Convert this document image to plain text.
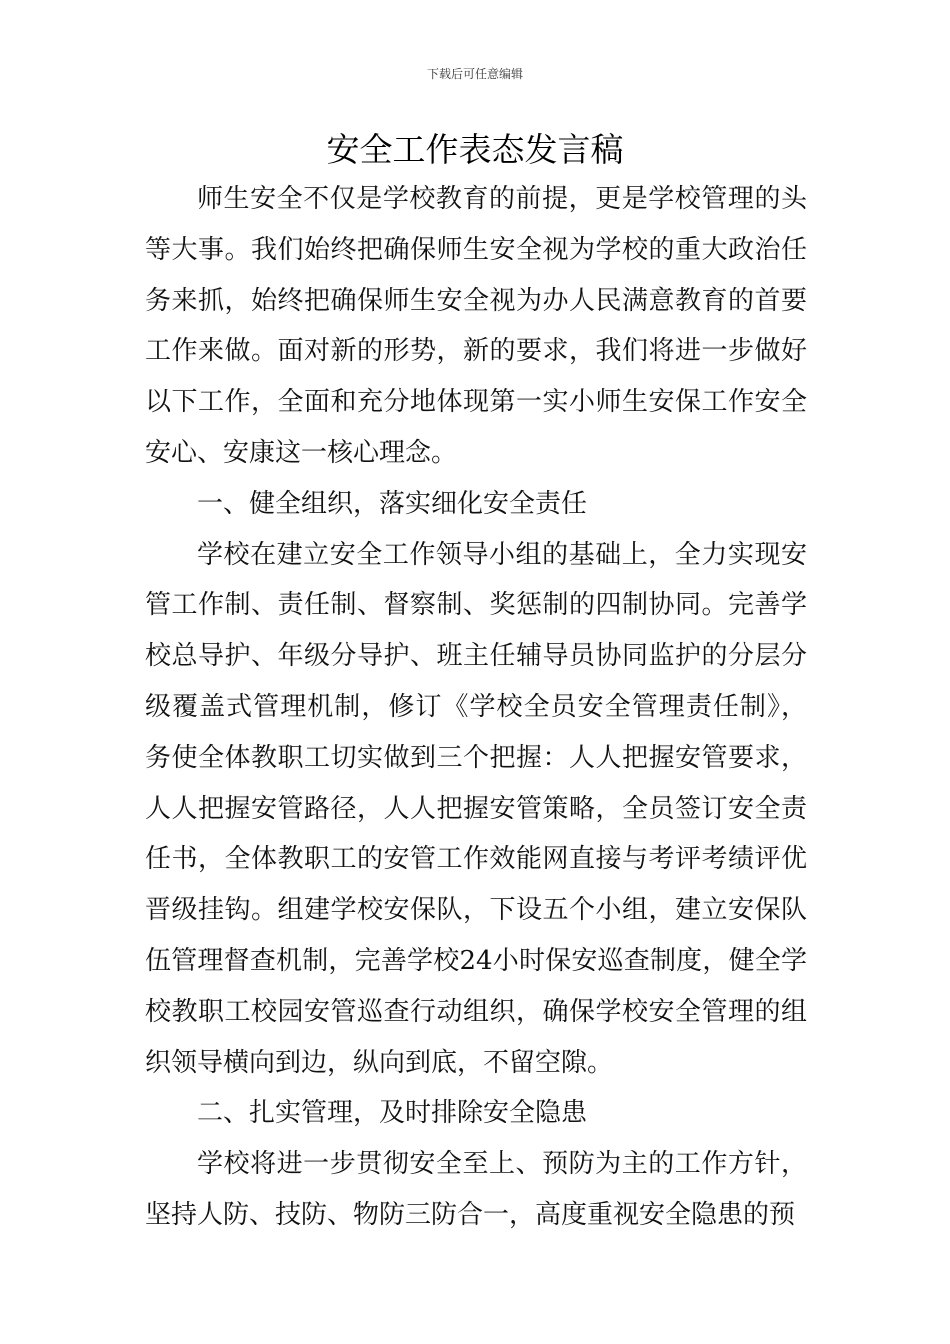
下载后可任意编辑
安全工作表态发言稿

师生安全不仅是学校教育的前提，更是学校管理的头等大事。我们始终把确保师生安全视为学校的重大政治任务来抓，始终把确保师生安全视为办人民满意教育的首要工作来做。面对新的形势，新的要求，我们将进一步做好以下工作，全面和充分地体现第一实小师生安保工作安全安心、安康这一核心理念。

一、健全组织，落实细化安全责任

学校在建立安全工作领导小组的基础上，全力实现安管工作制、责任制、督察制、奖惩制的四制协同。完善学校总导护、年级分导护、班主任辅导员协同监护的分层分级覆盖式管理机制，修订《学校全员安全管理责任制》，务使全体教职工切实做到三个把握：人人把握安管要求，人人把握安管路径，人人把握安管策略，全员签订安全责任书，全体教职工的安管工作效能网直接与考评考绩评优晋级挂钩。组建学校安保队，下设五个小组，建立安保队伍管理督查机制，完善学校24小时保安巡查制度，健全学校教职工校园安管巡查行动组织，确保学校安全管理的组织领导横向到边，纵向到底，不留空隙。

二、扎实管理，及时排除安全隐患

学校将进一步贯彻安全至上、预防为主的工作方针，坚持人防、技防、物防三防合一，高度重视安全隐患的预
